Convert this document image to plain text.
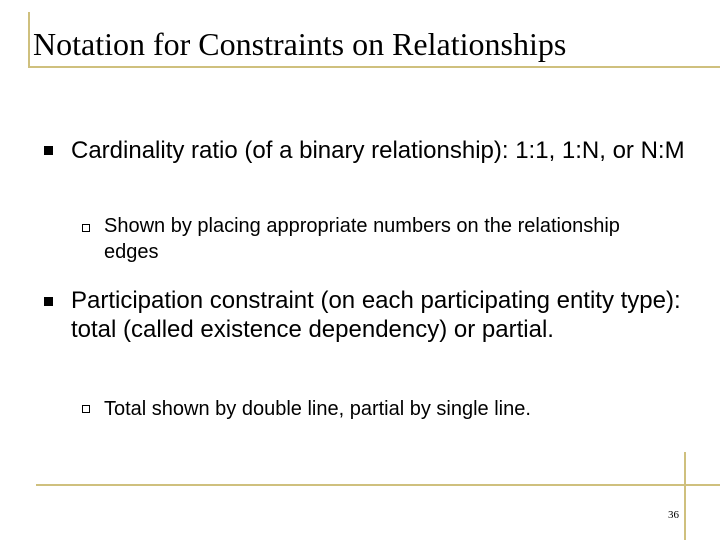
Notation for Constraints on Relationships
Cardinality ratio (of a binary relationship): 1:1, 1:N, or N:M
Shown by placing appropriate numbers on the relationship edges
Participation constraint (on each participating entity type): total (called existence dependency) or partial.
Total shown by double line, partial by single line.
36
